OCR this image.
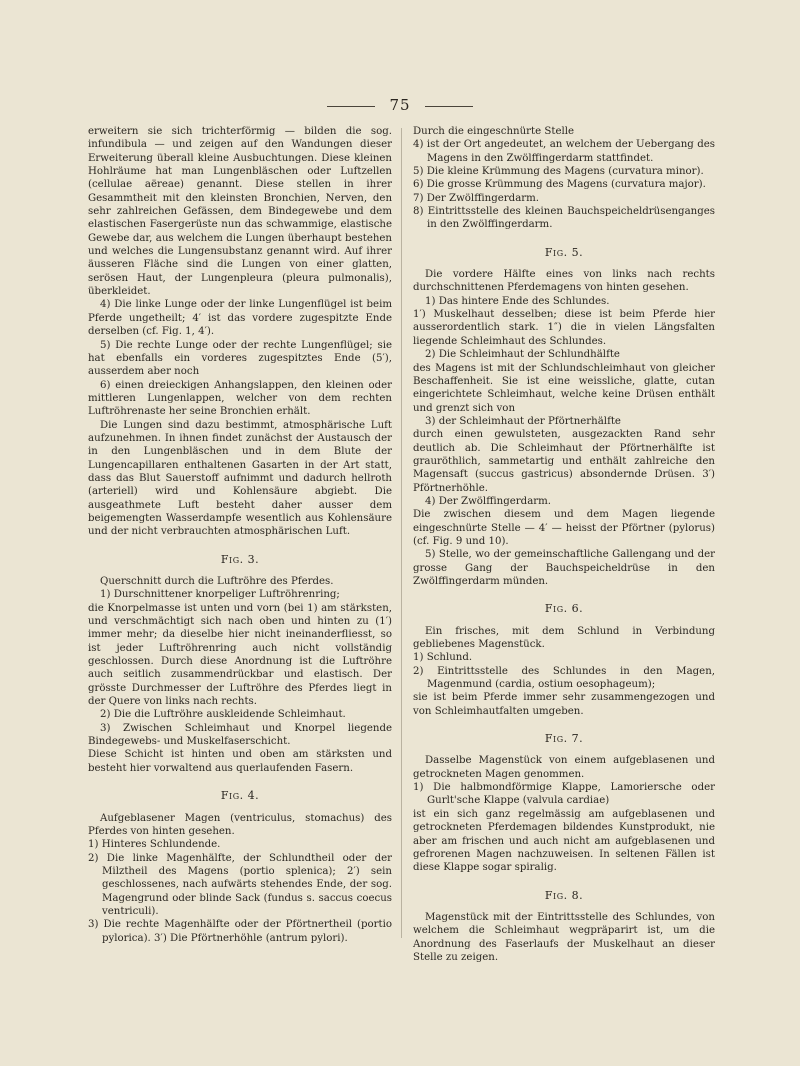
75

erweitern sie sich trichterförmig — bilden die sog. infundibula — und zeigen auf den Wandungen dieser Erweiterung überall kleine Ausbuchtungen. Diese kleinen Hohlräume hat man Lungenbläschen oder Luftzellen (cellulae aëreae) genannt. Diese stellen in ihrer Gesammtheit mit den kleinsten Bronchien, Nerven, den sehr zahlreichen Gefässen, dem Bindegewebe und dem elastischen Fasergerüste nun das schwammige, elastische Gewebe dar, aus welchem die Lungen überhaupt bestehen und welches die Lungensubstanz genannt wird. Auf ihrer äusseren Fläche sind die Lungen von einer glatten, serösen Haut, der Lungenpleura (pleura pulmonalis), überkleidet.

4) Die linke Lunge oder der linke Lungenflügel ist beim Pferde ungetheilt; 4′ ist das vordere zugespitzte Ende derselben (cf. Fig. 1, 4′).

5) Die rechte Lunge oder der rechte Lungenflügel; sie hat ebenfalls ein vorderes zugespitztes Ende (5′), ausserdem aber noch

6) einen dreieckigen Anhangslappen, den kleinen oder mittleren Lungenlappen, welcher von dem rechten Luftröhrenaste her seine Bronchien erhält.

Die Lungen sind dazu bestimmt, atmosphärische Luft aufzunehmen. In ihnen findet zunächst der Austausch der in den Lungenbläschen und in dem Blute der Lungencapillaren enthaltenen Gasarten in der Art statt, dass das Blut Sauerstoff aufnimmt und dadurch hellroth (arteriell) wird und Kohlensäure abgiebt. Die ausgeathmete Luft besteht daher ausser dem beigemengten Wasserdampfe wesentlich aus Kohlensäure und der nicht verbrauchten atmosphärischen Luft.

Fig. 3.

Querschnitt durch die Luftröhre des Pferdes.

1) Durschnittener knorpeliger Luftröhrenring;

die Knorpelmasse ist unten und vorn (bei 1) am stärksten, und verschmächtigt sich nach oben und hinten zu (1′) immer mehr; da dieselbe hier nicht ineinanderfliesst, so ist jeder Luftröhrenring auch nicht vollständig geschlossen. Durch diese Anordnung ist die Luftröhre auch seitlich zusammendrückbar und elastisch. Der grösste Durchmesser der Luftröhre des Pferdes liegt in der Quere von links nach rechts.

2) Die die Luftröhre auskleidende Schleimhaut.

3) Zwischen Schleimhaut und Knorpel liegende Bindegewebs- und Muskelfaserschicht.

Diese Schicht ist hinten und oben am stärksten und besteht hier vorwaltend aus querlaufenden Fasern.

Fig. 4.

Aufgeblasener Magen (ventriculus, stomachus) des Pferdes von hinten gesehen.

1) Hinteres Schlundende.

2) Die linke Magenhälfte, der Schlundtheil oder der Milztheil des Magens (portio splenica); 2′) sein geschlossenes, nach aufwärts stehendes Ende, der sog. Magengrund oder blinde Sack (fundus s. saccus coecus ventriculi).

3) Die rechte Magenhälfte oder der Pförtnertheil (portio pylorica). 3′) Die Pförtnerhöhle (antrum pylori).

Durch die eingeschnürte Stelle

4) ist der Ort angedeutet, an welchem der Uebergang des Magens in den Zwölffingerdarm stattfindet.

5) Die kleine Krümmung des Magens (curvatura minor).

6) Die grosse Krümmung des Magens (curvatura major).

7) Der Zwölffingerdarm.

8) Eintrittsstelle des kleinen Bauchspeicheldrüsenganges in den Zwölffingerdarm.

Fig. 5.

Die vordere Hälfte eines von links nach rechts durchschnittenen Pferdemagens von hinten gesehen.

1) Das hintere Ende des Schlundes.

1′) Muskelhaut desselben; diese ist beim Pferde hier ausserordentlich stark. 1″) die in vielen Längsfalten liegende Schleimhaut des Schlundes.

2) Die Schleimhaut der Schlundhälfte

des Magens ist mit der Schlundschleimhaut von gleicher Beschaffenheit. Sie ist eine weissliche, glatte, cutan eingerichtete Schleimhaut, welche keine Drüsen enthält und grenzt sich von

3) der Schleimhaut der Pförtnerhälfte

durch einen gewulsteten, ausgezackten Rand sehr deutlich ab. Die Schleimhaut der Pförtnerhälfte ist grauröthlich, sammetartig und enthält zahlreiche den Magensaft (succus gastricus) absondernde Drüsen. 3′) Pförtnerhöhle.

4) Der Zwölffingerdarm.

Die zwischen diesem und dem Magen liegende eingeschnürte Stelle — 4′ — heisst der Pförtner (pylorus) (cf. Fig. 9 und 10).

5) Stelle, wo der gemeinschaftliche Gallengang und der grosse Gang der Bauchspeicheldrüse in den Zwölffingerdarm münden.

Fig. 6.

Ein frisches, mit dem Schlund in Verbindung gebliebenes Magenstück.

1) Schlund.

2) Eintrittsstelle des Schlundes in den Magen, Magenmund (cardia, ostium oesophageum);

sie ist beim Pferde immer sehr zusammengezogen und von Schleimhautfalten umgeben.

Fig. 7.

Dasselbe Magenstück von einem aufgeblasenen und getrockneten Magen genommen.

1) Die halbmondförmige Klappe, Lamoriersche oder Gurlt'sche Klappe (valvula cardiae)

ist ein sich ganz regelmässig am aufgeblasenen und getrockneten Pferdemagen bildendes Kunstprodukt, nie aber am frischen und auch nicht am aufgeblasenen und gefrorenen Magen nachzuweisen. In seltenen Fällen ist diese Klappe sogar spiralig.

Fig. 8.

Magenstück mit der Eintrittsstelle des Schlundes, von welchem die Schleimhaut wegpräparirt ist, um die Anordnung des Faserlaufs der Muskelhaut an dieser Stelle zu zeigen.
